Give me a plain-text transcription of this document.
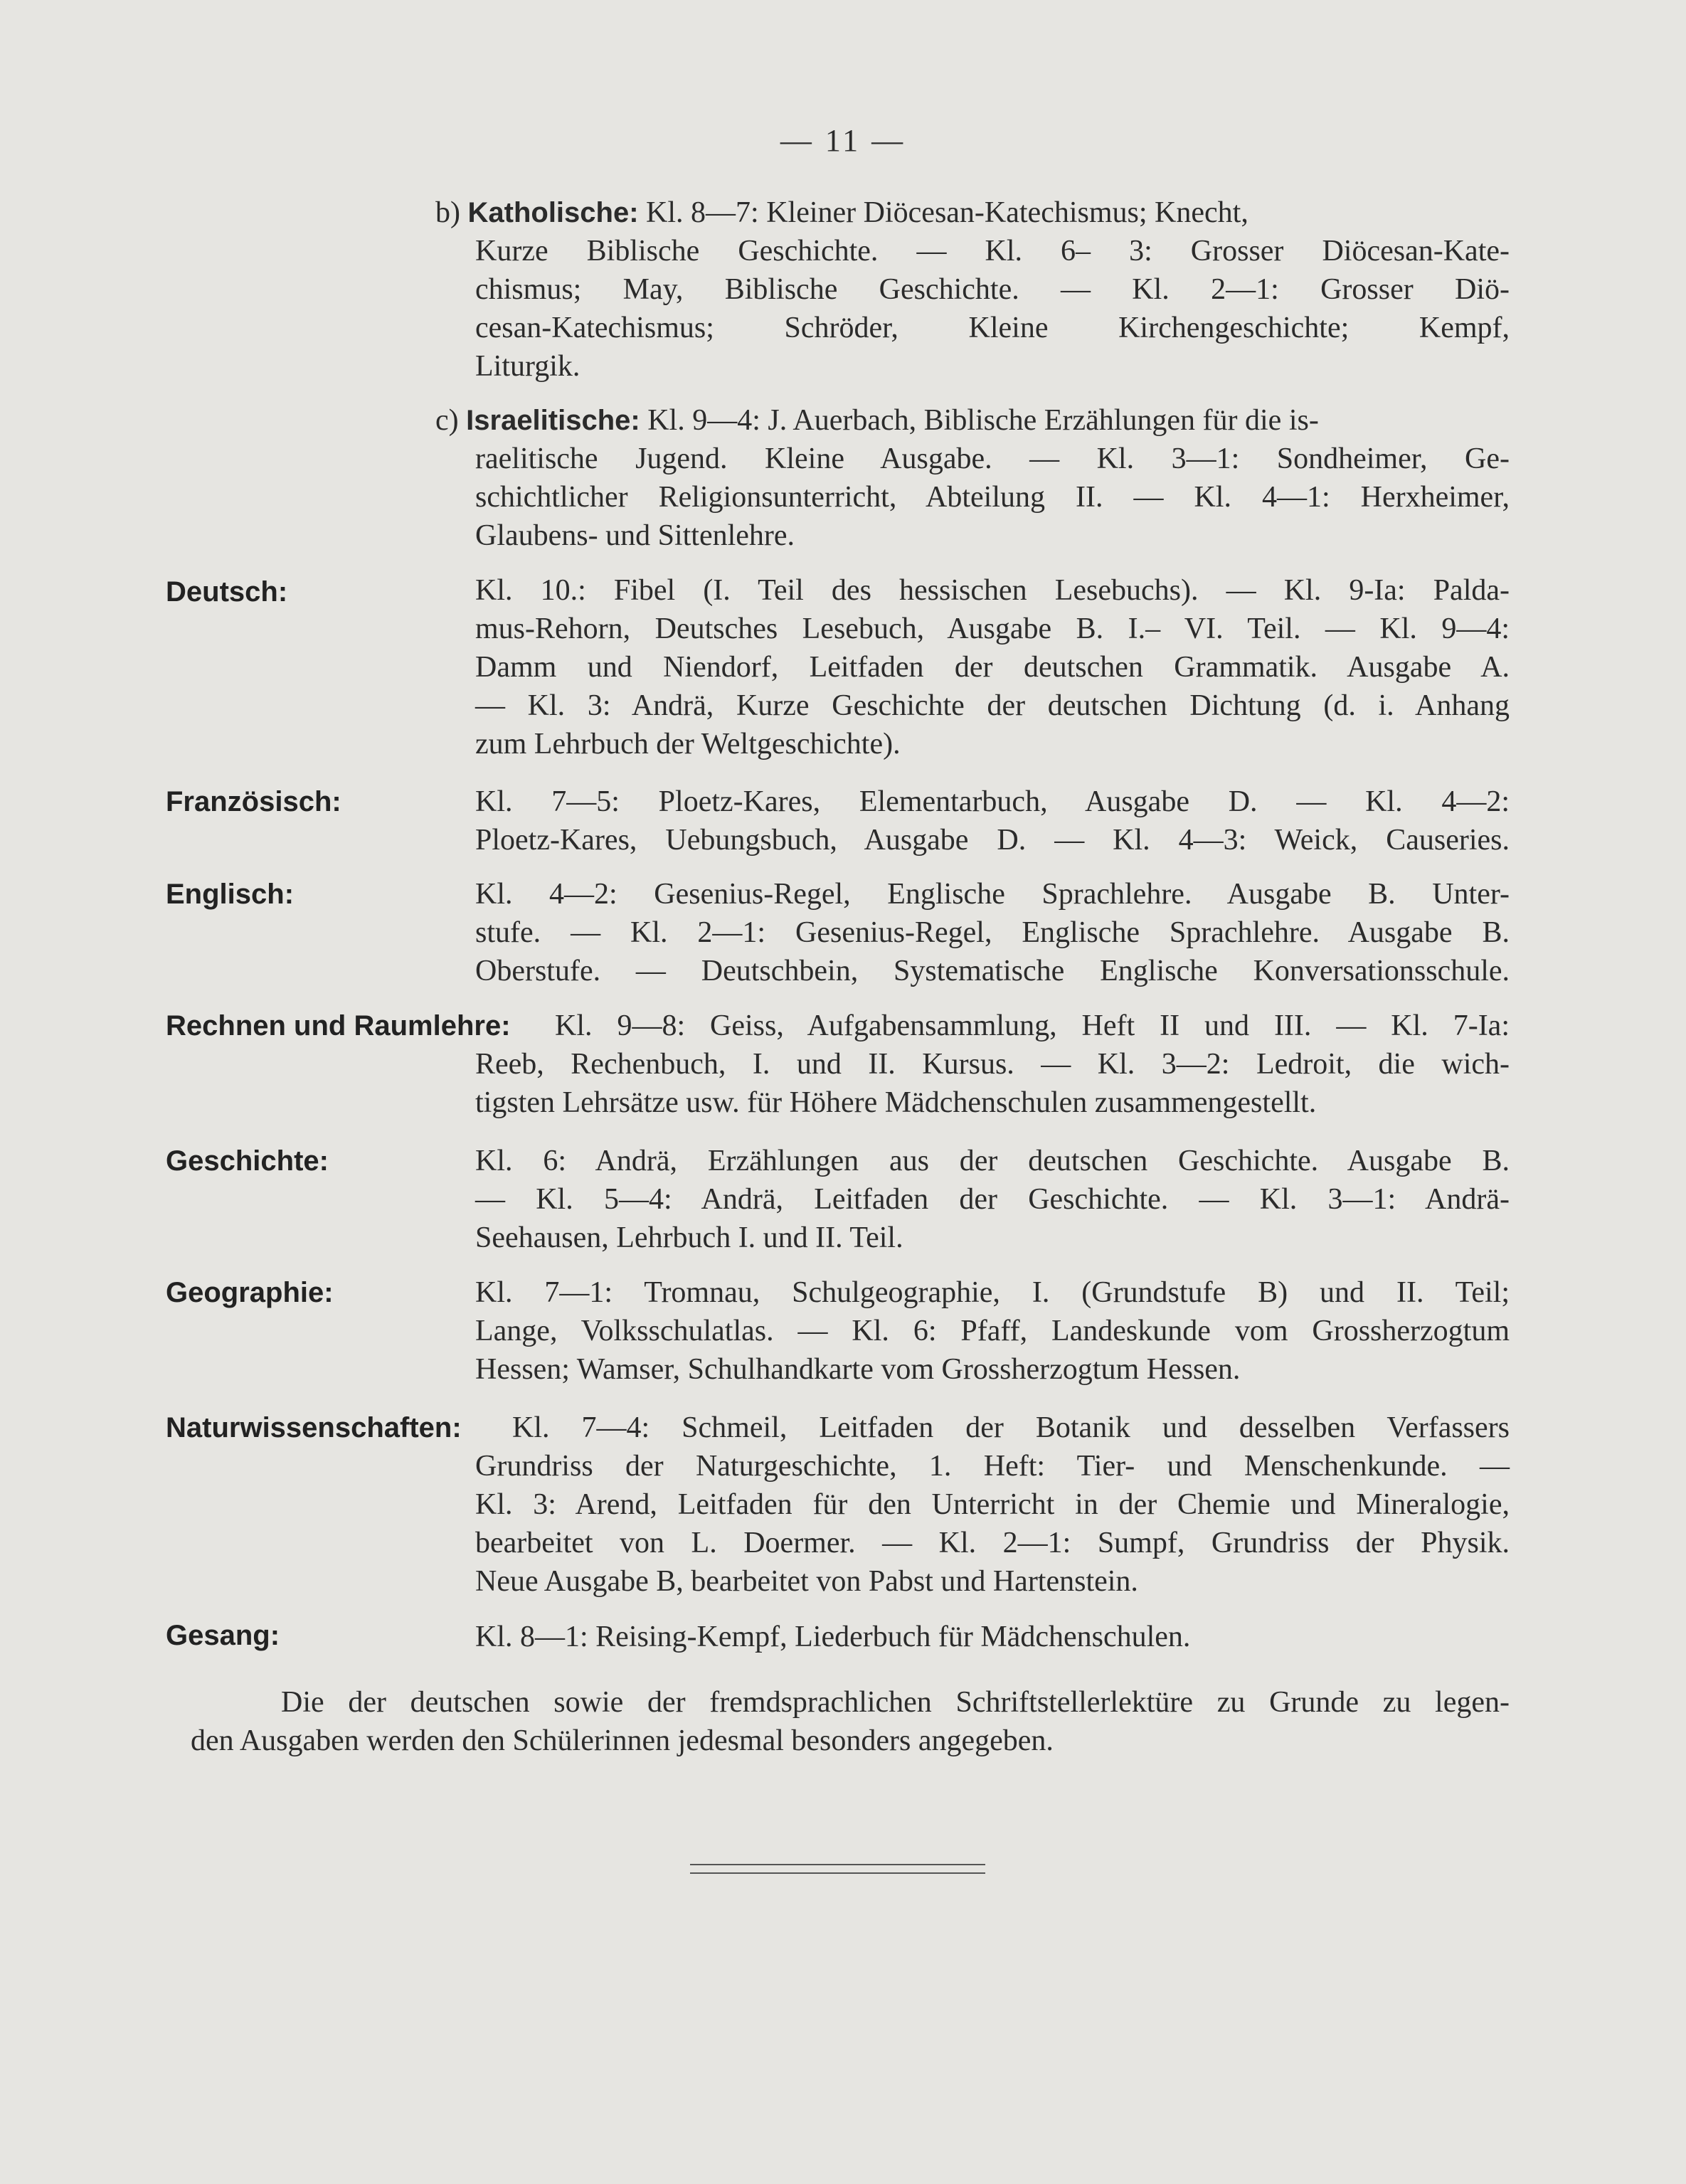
— 11 —
b) Katholische: Kl. 8—7: Kleiner Diöcesan-Katechismus; Knecht,
Kurze Biblische Geschichte. — Kl. 6– 3: Grosser Diöcesan-Kate-
chismus; May, Biblische Geschichte. — Kl. 2—1: Grosser Diö-
cesan-Katechismus; Schröder, Kleine Kirchengeschichte; Kempf,
Liturgik.
c) Israelitische: Kl. 9—4: J. Auerbach, Biblische Erzählungen für die is-
raelitische Jugend. Kleine Ausgabe. — Kl. 3—1: Sondheimer, Ge-
schichtlicher Religionsunterricht, Abteilung II. — Kl. 4—1: Herxheimer,
Glaubens- und Sittenlehre.
Deutsch:	Kl. 10.: Fibel (I. Teil des hessischen Lesebuchs). — Kl. 9-Ia: Palda-
mus-Rehorn, Deutsches Lesebuch, Ausgabe B. I.– VI. Teil. — Kl. 9—4:
Damm und Niendorf, Leitfaden der deutschen Grammatik. Ausgabe A.
— Kl. 3: Andrä, Kurze Geschichte der deutschen Dichtung (d. i. Anhang
zum Lehrbuch der Weltgeschichte).
Französisch:	Kl. 7—5: Ploetz-Kares, Elementarbuch, Ausgabe D. — Kl. 4—2:
Ploetz-Kares, Uebungsbuch, Ausgabe D. — Kl. 4—3: Weick, Causeries.
Englisch:	Kl. 4—2: Gesenius-Regel, Englische Sprachlehre. Ausgabe B. Unter-
stufe. — Kl. 2—1: Gesenius-Regel, Englische Sprachlehre. Ausgabe B.
Oberstufe. — Deutschbein, Systematische Englische Konversationsschule.
Rechnen und Raumlehre: Kl. 9—8: Geiss, Aufgabensammlung, Heft II und III. — Kl. 7-Ia:
Reeb, Rechenbuch, I. und II. Kursus. — Kl. 3—2: Ledroit, die wich-
tigsten Lehrsätze usw. für Höhere Mädchenschulen zusammengestellt.
Geschichte:	Kl. 6: Andrä, Erzählungen aus der deutschen Geschichte. Ausgabe B.
— Kl. 5—4: Andrä, Leitfaden der Geschichte. — Kl. 3—1: Andrä-
Seehausen, Lehrbuch I. und II. Teil.
Geographie:	Kl. 7—1: Tromnau, Schulgeographie, I. (Grundstufe B) und II. Teil;
Lange, Volksschulatlas. — Kl. 6: Pfaff, Landeskunde vom Grossherzogtum
Hessen; Wamser, Schulhandkarte vom Grossherzogtum Hessen.
Naturwissenschaften: Kl. 7—4: Schmeil, Leitfaden der Botanik und desselben Verfassers
Grundriss der Naturgeschichte, 1. Heft: Tier- und Menschenkunde. —
Kl. 3: Arend, Leitfaden für den Unterricht in der Chemie und Mineralogie,
bearbeitet von L. Doermer. — Kl. 2—1: Sumpf, Grundriss der Physik.
Neue Ausgabe B, bearbeitet von Pabst und Hartenstein.
Gesang:	Kl. 8—1: Reising-Kempf, Liederbuch für Mädchenschulen.
Die der deutschen sowie der fremdsprachlichen Schriftstellerlektüre zu Grunde zu legen-
den Ausgaben werden den Schülerinnen jedesmal besonders angegeben.
